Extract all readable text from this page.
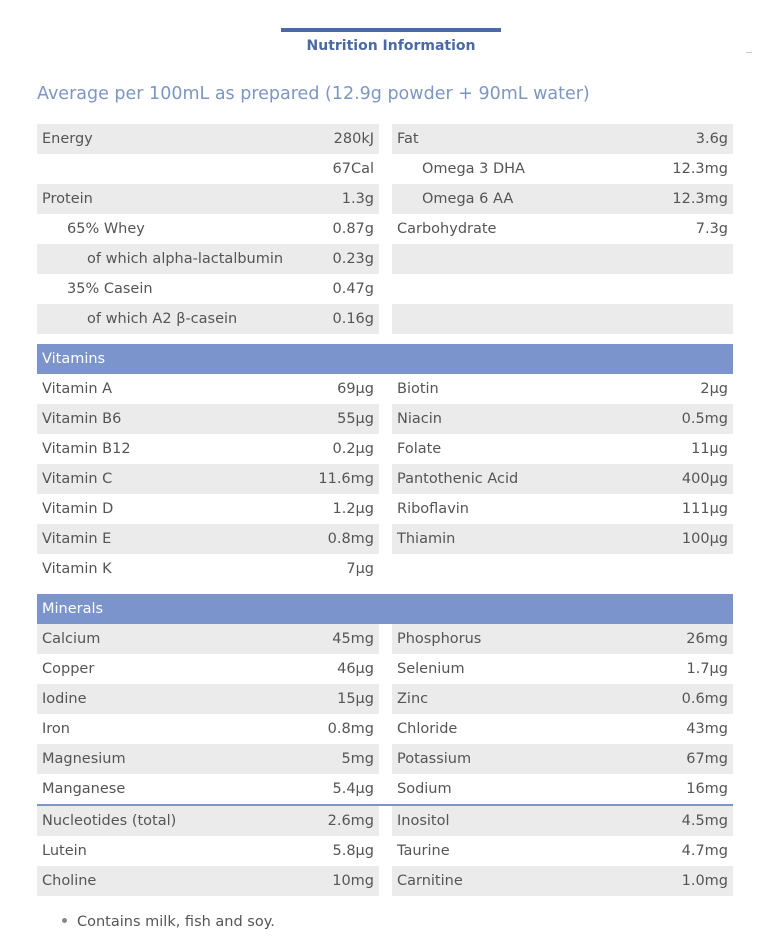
Nutrition Information
Average per 100mL as prepared (12.9g powder + 90mL water)
Energy	280kJ Fat	3.6g
67Cal	Omega 3 DHA	12.3mg
Protein	1.3g	Omega 6 AA	12.3mg
65% Whey	0.87g Carbohydrate	7.3g
of which alpha-lactalbumin	0.23g
35% Casein	0.47g
of which A2 β-casein	0.16g
Vitamins
Vitamin A	69µg Biotin	2µg
Vitamin B6	55µg Niacin	0.5mg
Vitamin B12	0.2µg Folate	11µg
Vitamin C	11.6mg Pantothenic Acid	400µg
Vitamin D	1.2µg Riboflavin	111µg
Vitamin E	0.8mg Thiamin	100µg
Vitamin K	7µg
Minerals
Calcium	45mg Phosphorus	26mg
Copper	46µg Selenium	1.7µg
Iodine	15µg Zinc	0.6mg
Iron	0.8mg Chloride	43mg
Magnesium	5mg Potassium	67mg
Manganese	5.4µg Sodium	16mg
Nucleotides (total)	2.6mg Inositol	4.5mg
Lutein	5.8µg Taurine	4.7mg
Choline	10mg Carnitine	1.0mg
Contains milk, fish and soy.
